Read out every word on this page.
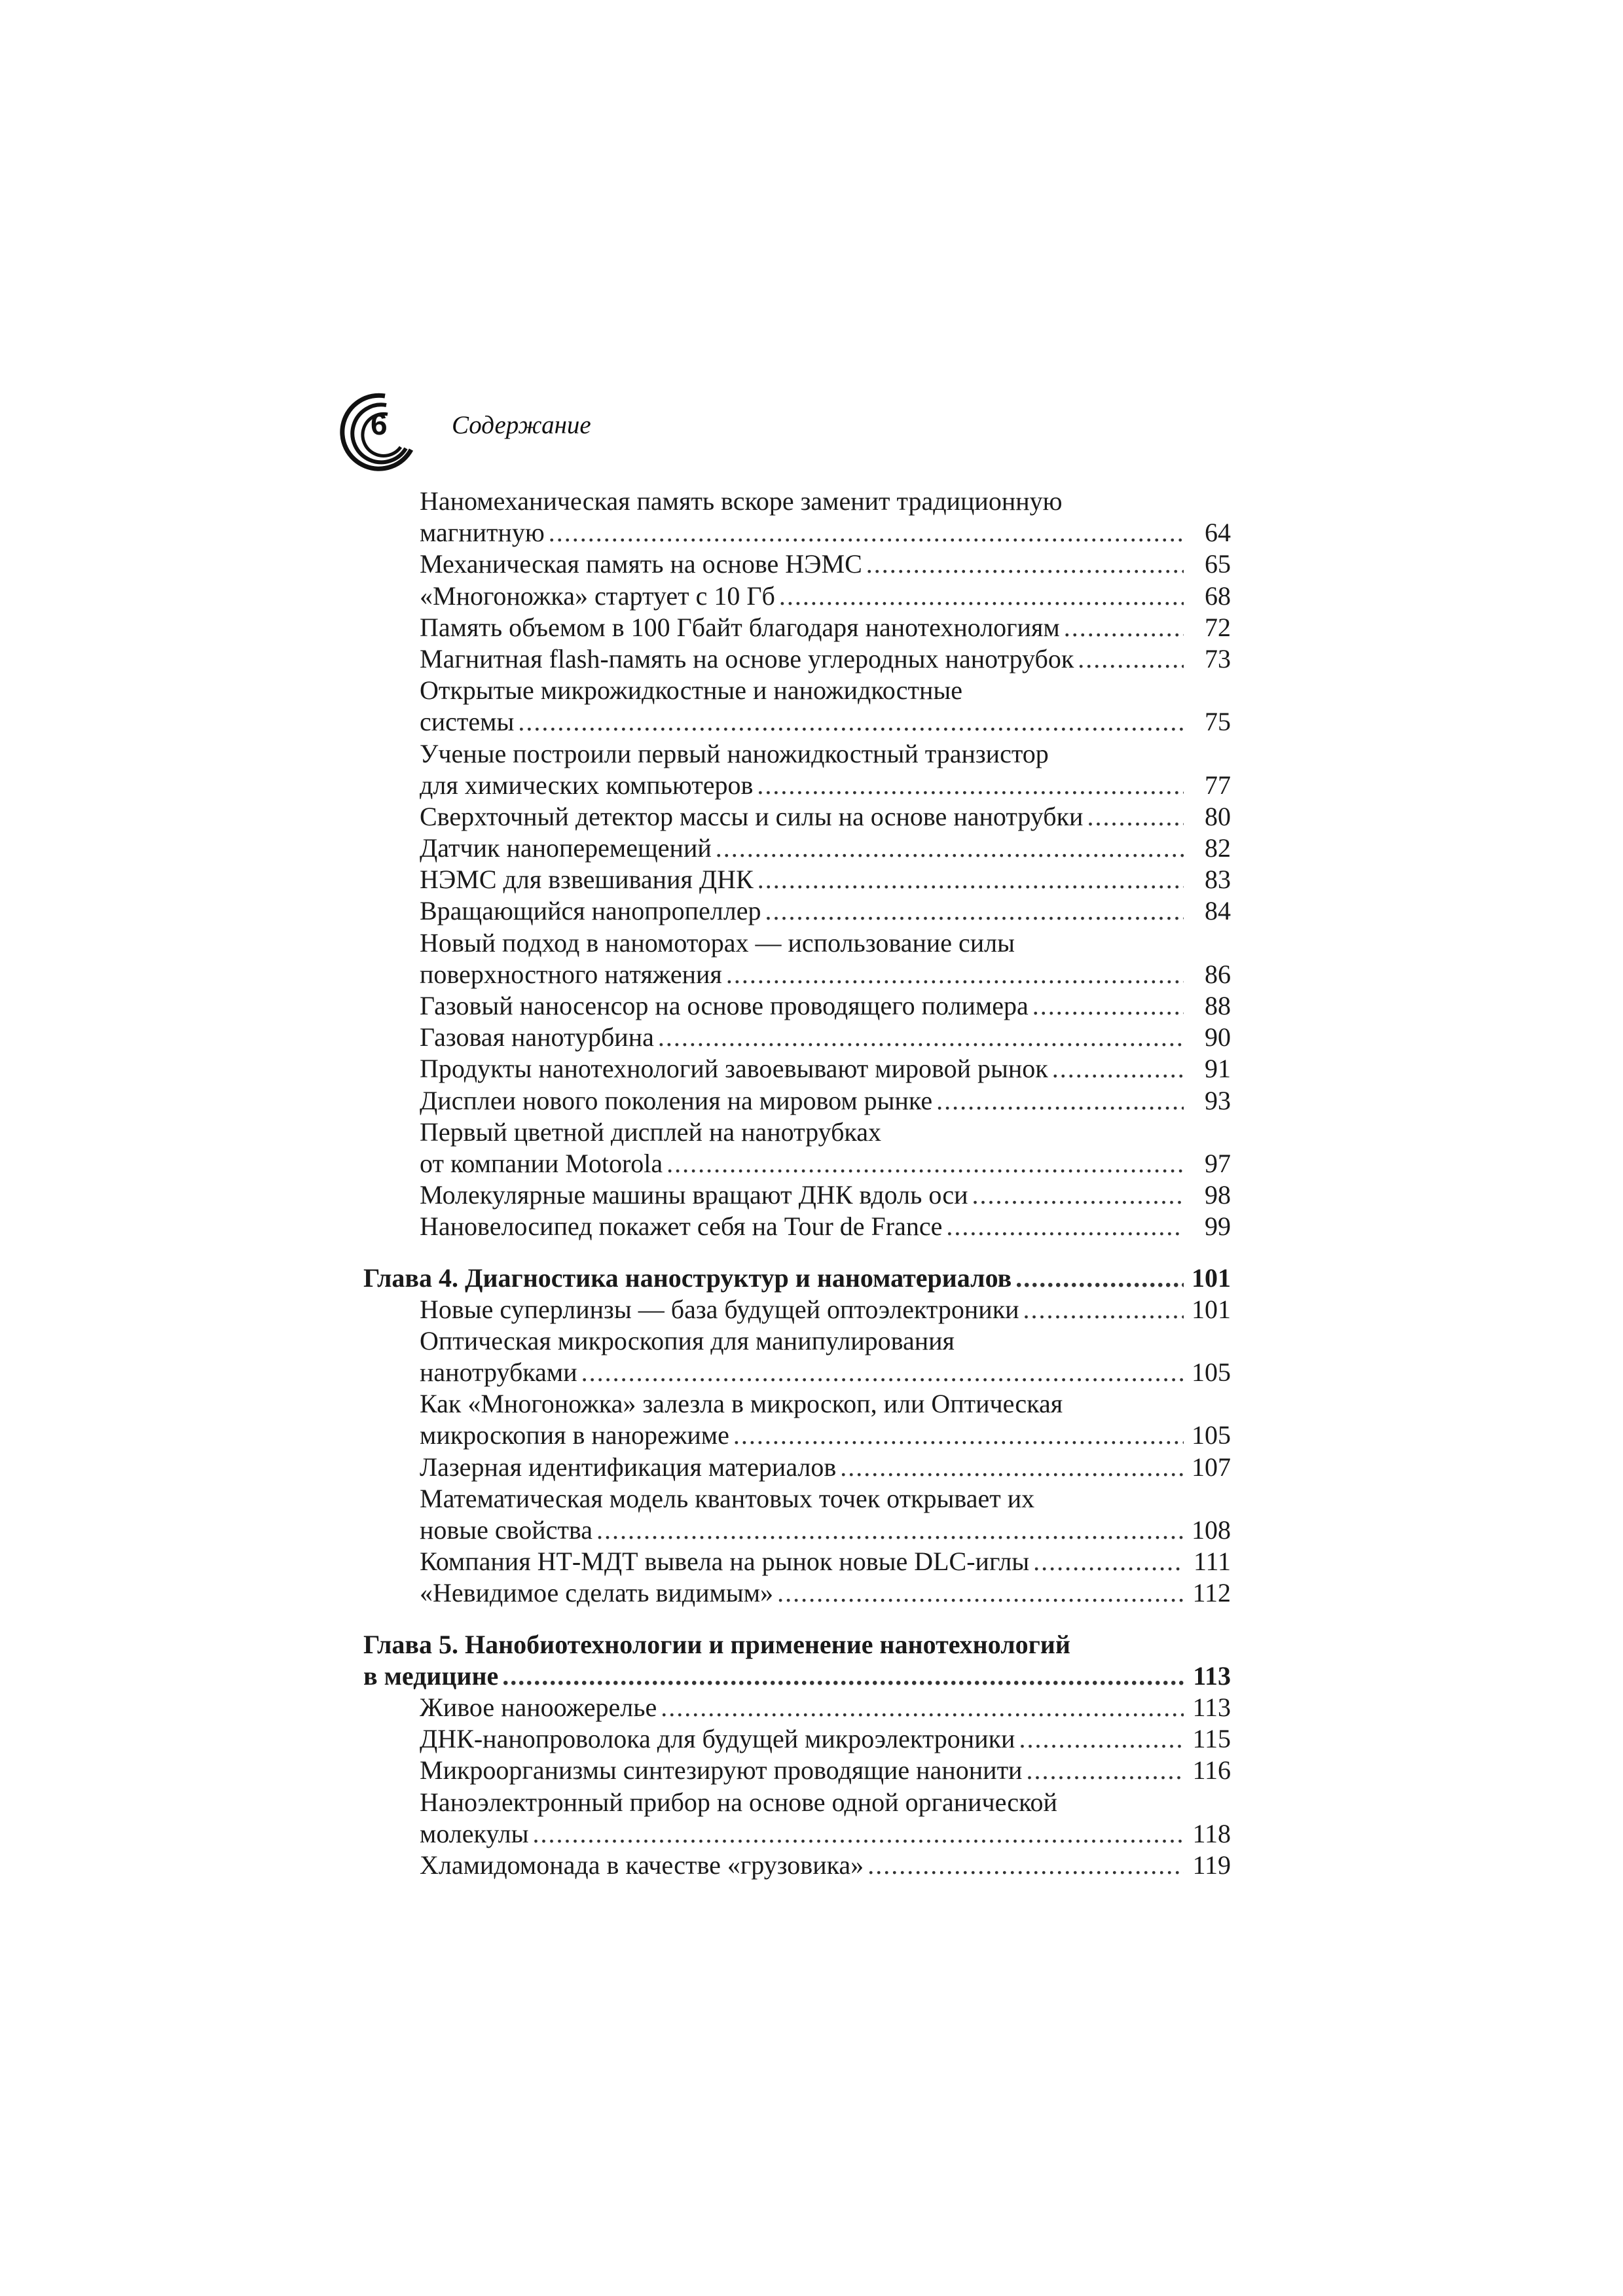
6	Содержание
Наномеханическая память вскоре заменит традиционную
магнитную .....	64
Механическая память на основе НЭМС .....	65
«Многоножка» стартует с 10 Гб .....	68
Память объемом в 100 Гбайт благодаря нанотехнологиям .....	72
Магнитная flash-память на основе углеродных нанотрубок .....	73
Открытые микрожидкостные и наножидкостные
системы .....	75
Ученые построили первый наножидкостный транзистор
для химических компьютеров .....	77
Сверхточный детектор массы и силы на основе нанотрубки .....	80
Датчик наноперемещений .....	82
НЭМС для взвешивания ДНК .....	83
Вращающийся нанопропеллер .....	84
Новый подход в наномоторах — использование силы
поверхностного натяжения .....	86
Газовый наносенсор на основе проводящего полимера .....	88
Газовая нанотурбина .....	90
Продукты нанотехнологий завоевывают мировой рынок .....	91
Дисплеи нового поколения на мировом рынке .....	93
Первый цветной дисплей на нанотрубках
от компании Motorola .....	97
Молекулярные машины вращают ДНК вдоль оси .....	98
Нановелосипед покажет себя на Tour de France .....	99
Глава 4. Диагностика наноструктур и наноматериалов .....	101
Новые суперлинзы — база будущей оптоэлектроники .....	101
Оптическая микроскопия для манипулирования
нанотрубками .....	105
Как «Многоножка» залезла в микроскоп, или Оптическая
микроскопия в нанорежиме .....	105
Лазерная идентификация материалов .....	107
Математическая модель квантовых точек открывает их
новые свойства .....	108
Компания НТ-МДТ вывела на рынок новые DLC-иглы .....	111
«Невидимое сделать видимым» .....	112
Глава 5. Нанобиотехнологии и применение нанотехнологий
в медицине .....	113
Живое наноожерелье .....	113
ДНК-нанопроволока для будущей микроэлектроники .....	115
Микроорганизмы синтезируют проводящие нанонити .....	116
Наноэлектронный прибор на основе одной органической
молекулы .....	118
Хламидомонада в качестве «грузовика» .....	119
